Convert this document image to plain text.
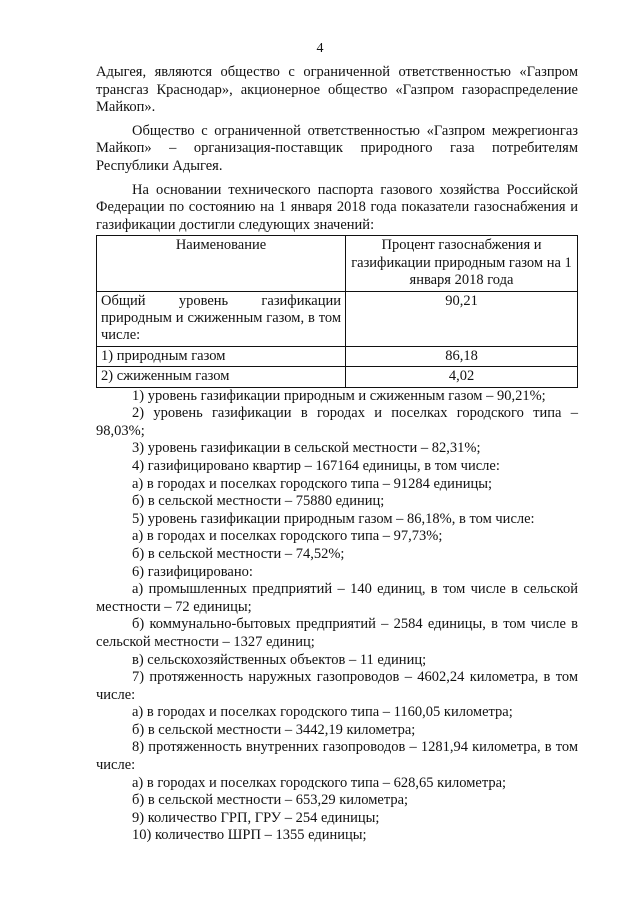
4

Адыгея, являются общество с ограниченной ответственностью «Газпром трансгаз Краснодар», акционерное общество «Газпром газораспределение Майкоп».

Общество с ограниченной ответственностью «Газпром межрегионгаз Майкоп» – организация-поставщик природного газа потребителям Республики Адыгея.

На основании технического паспорта газового хозяйства Российской Федерации по состоянию на 1 января 2018 года показатели газоснабжения и газификации достигли следующих значений:

Наименование	Процент газоснабжения и газификации природным газом на 1 января 2018 года
Общий уровень газификации природным и сжиженным газом, в том числе:	90,21
1) природным газом	86,18
2) сжиженным газом	4,02

1) уровень газификации природным и сжиженным газом – 90,21%;

2) уровень газификации в городах и поселках городского типа – 98,03%;

3) уровень газификации в сельской местности – 82,31%;

4) газифицировано квартир – 167164 единицы, в том числе:

а) в городах и поселках городского типа – 91284 единицы;

б) в сельской местности – 75880 единиц;

5) уровень газификации природным газом – 86,18%, в том числе:

а) в городах и поселках городского типа – 97,73%;

б) в сельской местности – 74,52%;

6) газифицировано:

а) промышленных предприятий – 140 единиц, в том числе в сельской местности – 72 единицы;

б) коммунально-бытовых предприятий – 2584 единицы, в том числе в сельской местности – 1327 единиц;

в) сельскохозяйственных объектов – 11 единиц;

7) протяженность наружных газопроводов – 4602,24 километра, в том числе:

а) в городах и поселках городского типа – 1160,05 километра;

б) в сельской местности – 3442,19 километра;

8) протяженность внутренних газопроводов – 1281,94 километра, в том числе:

а) в городах и поселках городского типа – 628,65 километра;

б) в сельской местности – 653,29 километра;

9) количество ГРП, ГРУ – 254 единицы;

10) количество ШРП – 1355 единицы;
